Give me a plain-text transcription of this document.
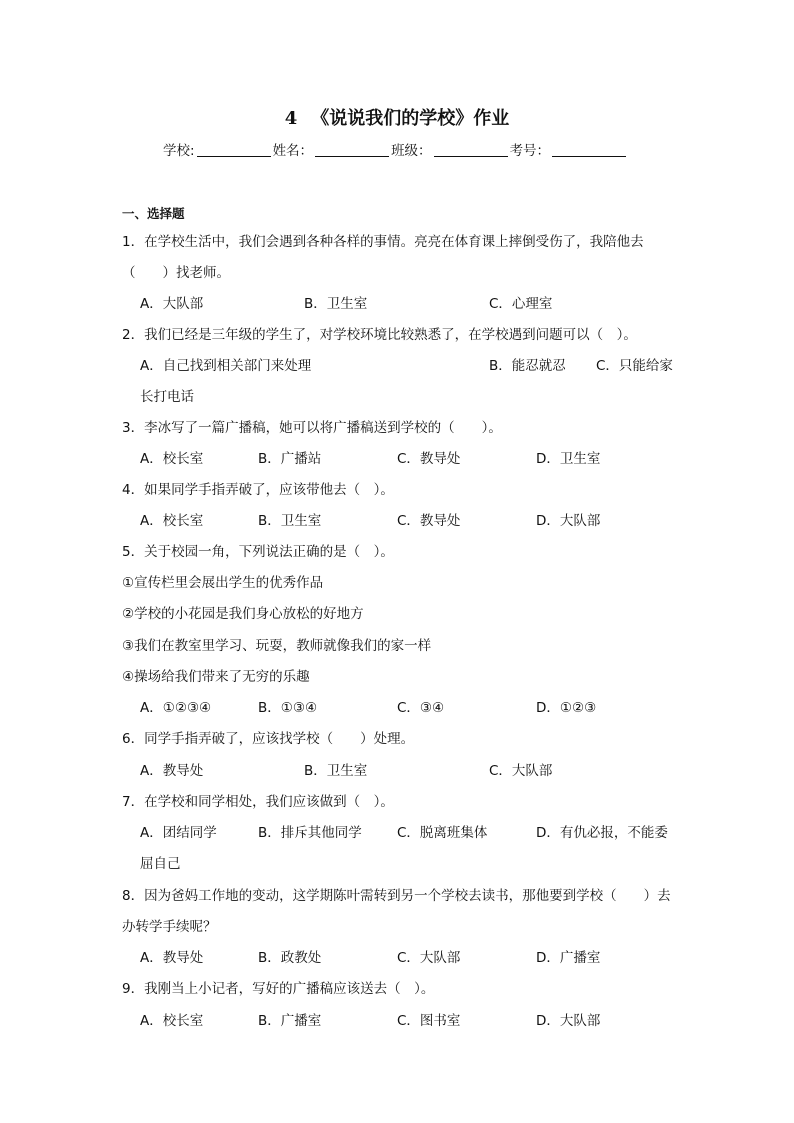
4 《说说我们的学校》作业
学校:	姓名：	班级：	考号：
一、选择题
1．在学校生活中，我们会遇到各种各样的事情。亮亮在体育课上摔倒受伤了，我陪他去
（　　）找老师。
A．大队部	B．卫生室	C．心理室
2．我们已经是三年级的学生了，对学校环境比较熟悉了，在学校遇到问题可以（　）。
A．自己找到相关部门来处理	B．能忍就忍 C．只能给家
长打电话
3．李冰写了一篇广播稿，她可以将广播稿送到学校的（　　）。
A．校长室	B．广播站	C．教导处	D．卫生室
4．如果同学手指弄破了，应该带他去（　）。
A．校长室	B．卫生室	C．教导处	D．大队部
5．关于校园一角，下列说法正确的是（　）。
①宣传栏里会展出学生的优秀作品
②学校的小花园是我们身心放松的好地方
③我们在教室里学习、玩耍，教师就像我们的家一样
④操场给我们带来了无穷的乐趣
A．①②③④	B．①③④	C．③④	D．①②③
6．同学手指弄破了，应该找学校（　　）处理。
A．教导处	B．卫生室	C．大队部
7．在学校和同学相处，我们应该做到（　）。
A．团结同学	B．排斥其他同学	C．脱离班集体	D．有仇必报，不能委
屈自己
8．因为爸妈工作地的变动，这学期陈叶需转到另一个学校去读书，那他要到学校（　　）去
办转学手续呢？
A．教导处	B．政教处	C．大队部	D．广播室
9．我刚当上小记者，写好的广播稿应该送去（　）。
A．校长室	B．广播室	C．图书室	D．大队部
